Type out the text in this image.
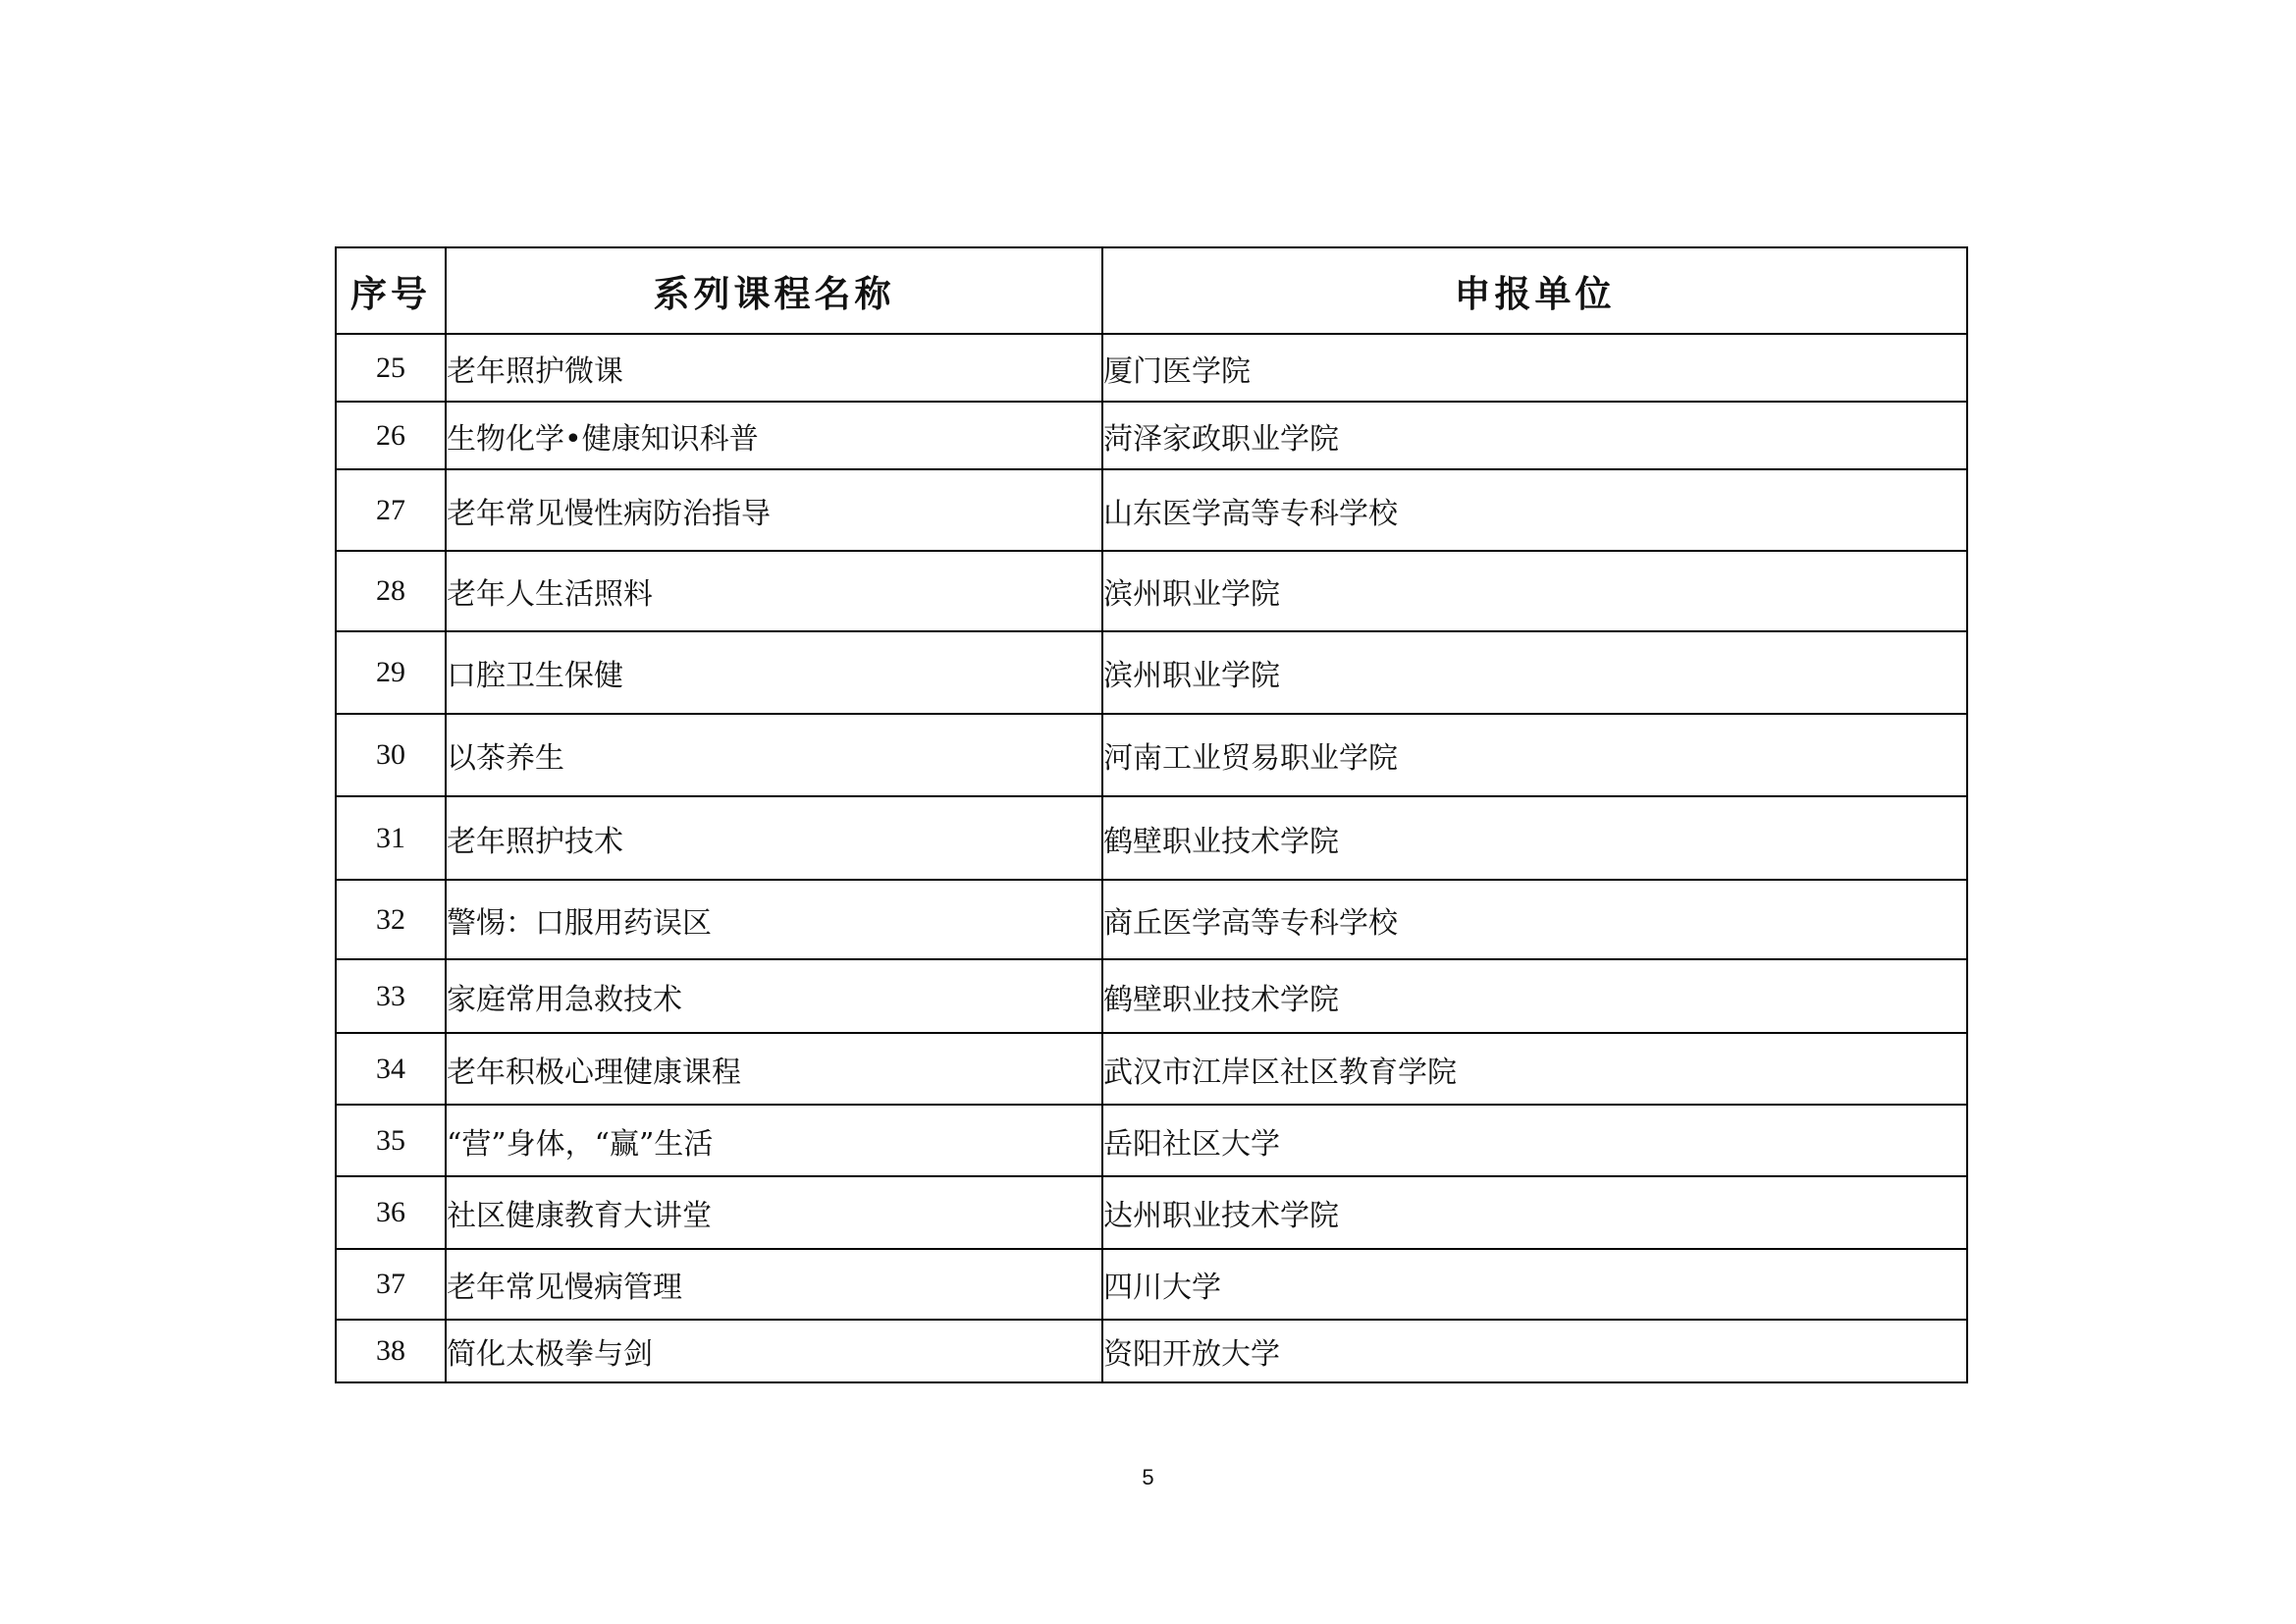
序号	系列课程名称	申报单位
25	老年照护微课	厦门医学院
26	生物化学•健康知识科普	菏泽家政职业学院
27	老年常见慢性病防治指导	山东医学高等专科学校
28	老年人生活照料	滨州职业学院
29	口腔卫生保健	滨州职业学院
30	以茶养生	河南工业贸易职业学院
31	老年照护技术	鹤壁职业技术学院
32	警惕：口服用药误区	商丘医学高等专科学校
33	家庭常用急救技术	鹤壁职业技术学院
34	老年积极心理健康课程	武汉市江岸区社区教育学院
35	“营”身体，“赢”生活	岳阳社区大学
36	社区健康教育大讲堂	达州职业技术学院
37	老年常见慢病管理	四川大学
38	简化太极拳与剑	资阳开放大学
5
